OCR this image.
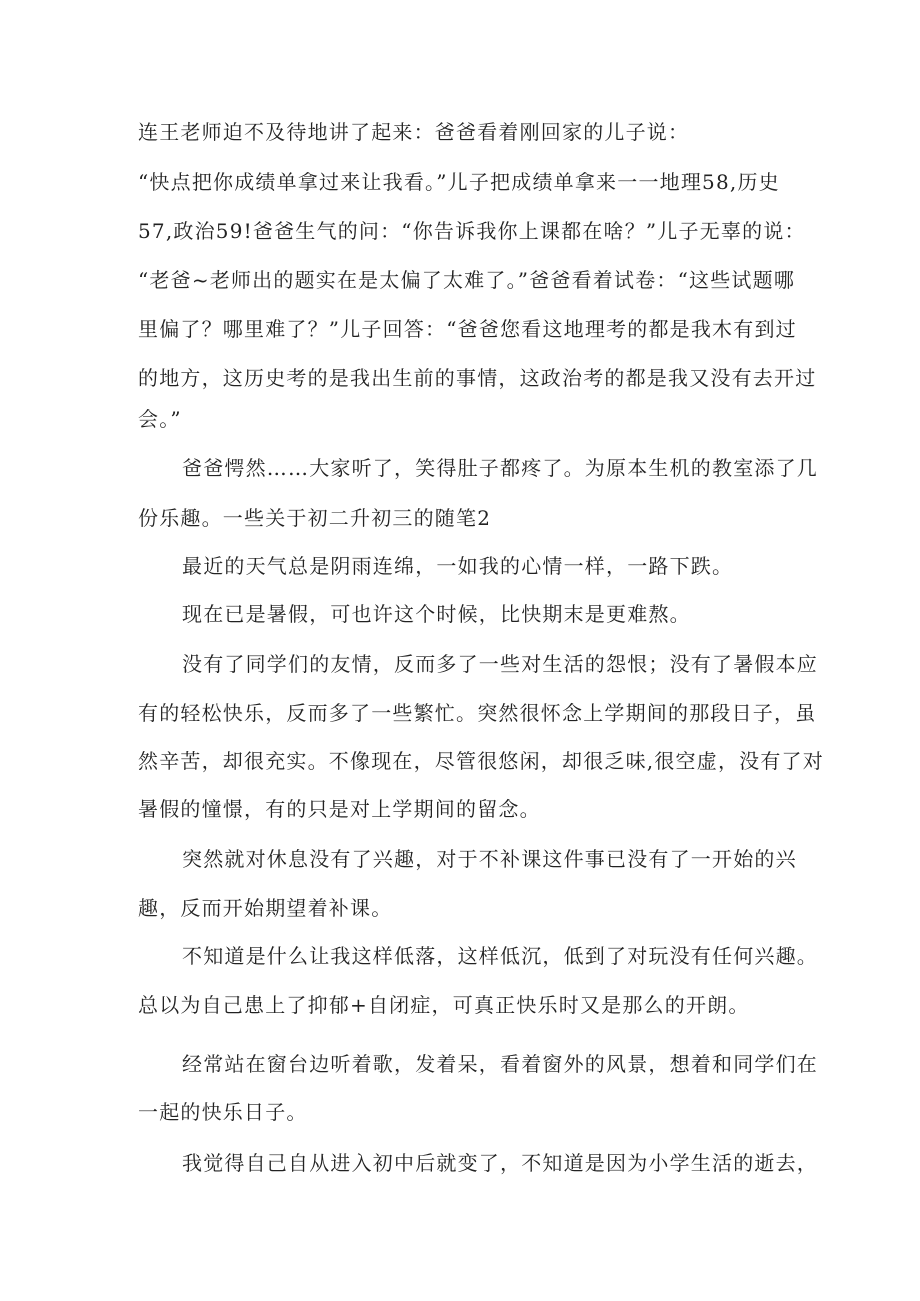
连王老师迫不及待地讲了起来：爸爸看着刚回家的儿子说：
“快点把你成绩单拿过来让我看。”儿子把成绩单拿来一一地理58,历史
57,政治59!爸爸生气的问：“你告诉我你上课都在啥？”儿子无辜的说：
“老爸~老师出的题实在是太偏了太难了。”爸爸看着试卷：“这些试题哪
里偏了？哪里难了？”儿子回答：“爸爸您看这地理考的都是我木有到过
的地方，这历史考的是我出生前的事情，这政治考的都是我又没有去开过
会。”
爸爸愕然……大家听了，笑得肚子都疼了。为原本生机的教室添了几
份乐趣。一些关于初二升初三的随笔2
最近的天气总是阴雨连绵，一如我的心情一样，一路下跌。
现在已是暑假，可也许这个时候，比快期末是更难熬。
没有了同学们的友情，反而多了一些对生活的怨恨；没有了暑假本应
有的轻松快乐，反而多了一些繁忙。突然很怀念上学期间的那段日子，虽
然辛苦，却很充实。不像现在，尽管很悠闲，却很乏味,很空虚，没有了对
暑假的憧憬，有的只是对上学期间的留念。
突然就对休息没有了兴趣，对于不补课这件事已没有了一开始的兴
趣，反而开始期望着补课。
不知道是什么让我这样低落，这样低沉，低到了对玩没有任何兴趣。
总以为自己患上了抑郁+自闭症，可真正快乐时又是那么的开朗。
经常站在窗台边听着歌，发着呆，看着窗外的风景，想着和同学们在
一起的快乐日子。
我觉得自己自从进入初中后就变了，不知道是因为小学生活的逝去，
